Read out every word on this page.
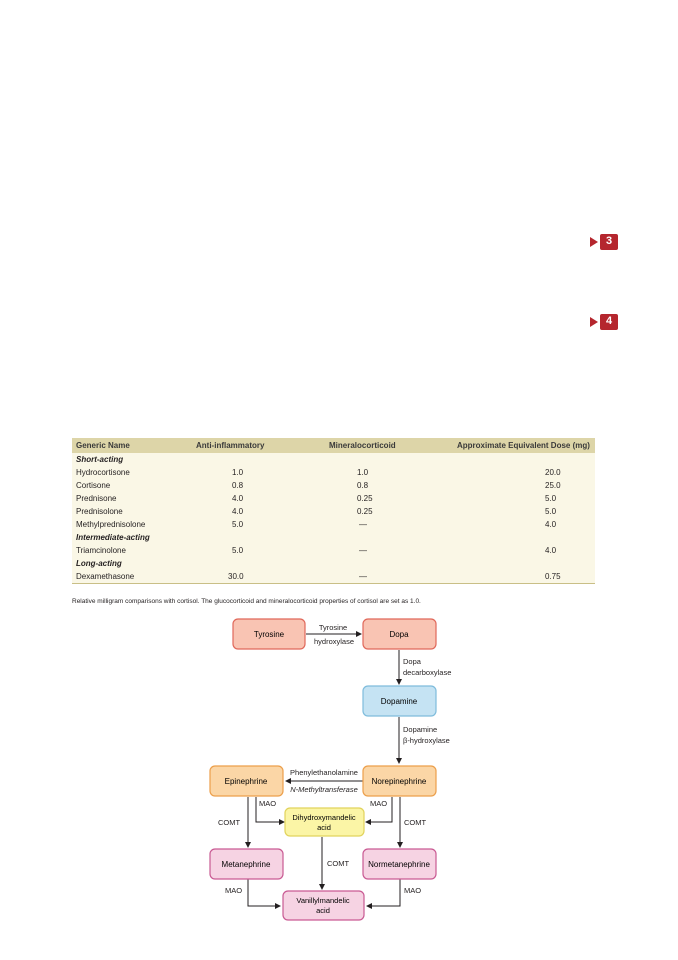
3
4
Generic Name	Anti-inflammatory	Mineralocorticoid	Approximate Equivalent Dose (mg)
Short-acting			
Hydrocortisone	1.0	1.0	20.0
Cortisone	0.8	0.8	25.0
Prednisone	4.0	0.25	5.0
Prednisolone	4.0	0.25	5.0
Methylprednisolone	5.0	—	4.0
Intermediate-acting			
Triamcinolone	5.0	—	4.0
Long-acting			
Dexamethasone	30.0	—	0.75
Relative milligram comparisons with cortisol. The glucocorticoid and mineralocorticoid properties of cortisol are set as 1.0.
Tyrosine	Dopa
Dopamine
Norepinephrine
Epinephrine
Dihydroxymandelic
acid
Metanephrine	Normetanephrine
Vanillylmandelic
acid
Tyrosine
hydroxylase
Dopa
decarboxylase
Dopamine
β-hydroxylase
Phenylethanolamine
N-Methyltransferase
MAO	MAO
COMT
COMT
COMT
MAO	MAO
